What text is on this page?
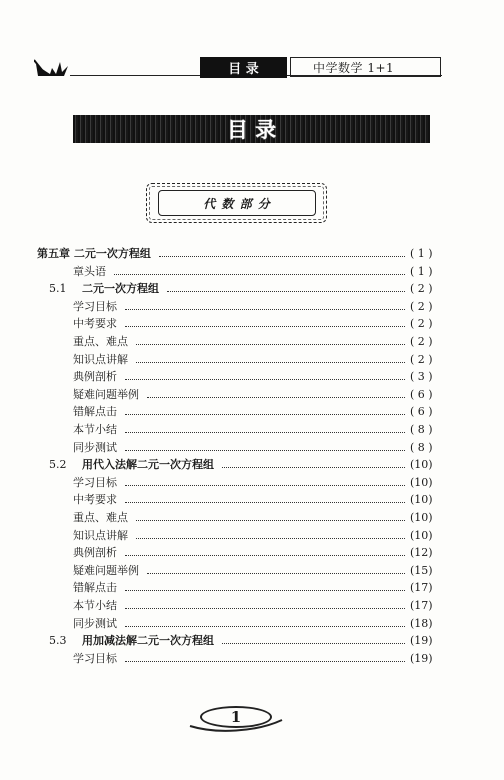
目 录	中学数学 1+1
目 录
代 数 部 分
第五章 二元一次方程组	( 1 )
章头语	( 1 )
5.1 二元一次方程组	( 2 )
学习目标	( 2 )
中考要求	( 2 )
重点、难点	( 2 )
知识点讲解	( 2 )
典例剖析	( 3 )
疑难问题举例	( 6 )
错解点击	( 6 )
本节小结	( 8 )
同步测试	( 8 )
5.2 用代入法解二元一次方程组	(10)
学习目标	(10)
中考要求	(10)
重点、难点	(10)
知识点讲解	(10)
典例剖析	(12)
疑难问题举例	(15)
错解点击	(17)
本节小结	(17)
同步测试	(18)
5.3 用加减法解二元一次方程组	(19)
学习目标	(19)
1
